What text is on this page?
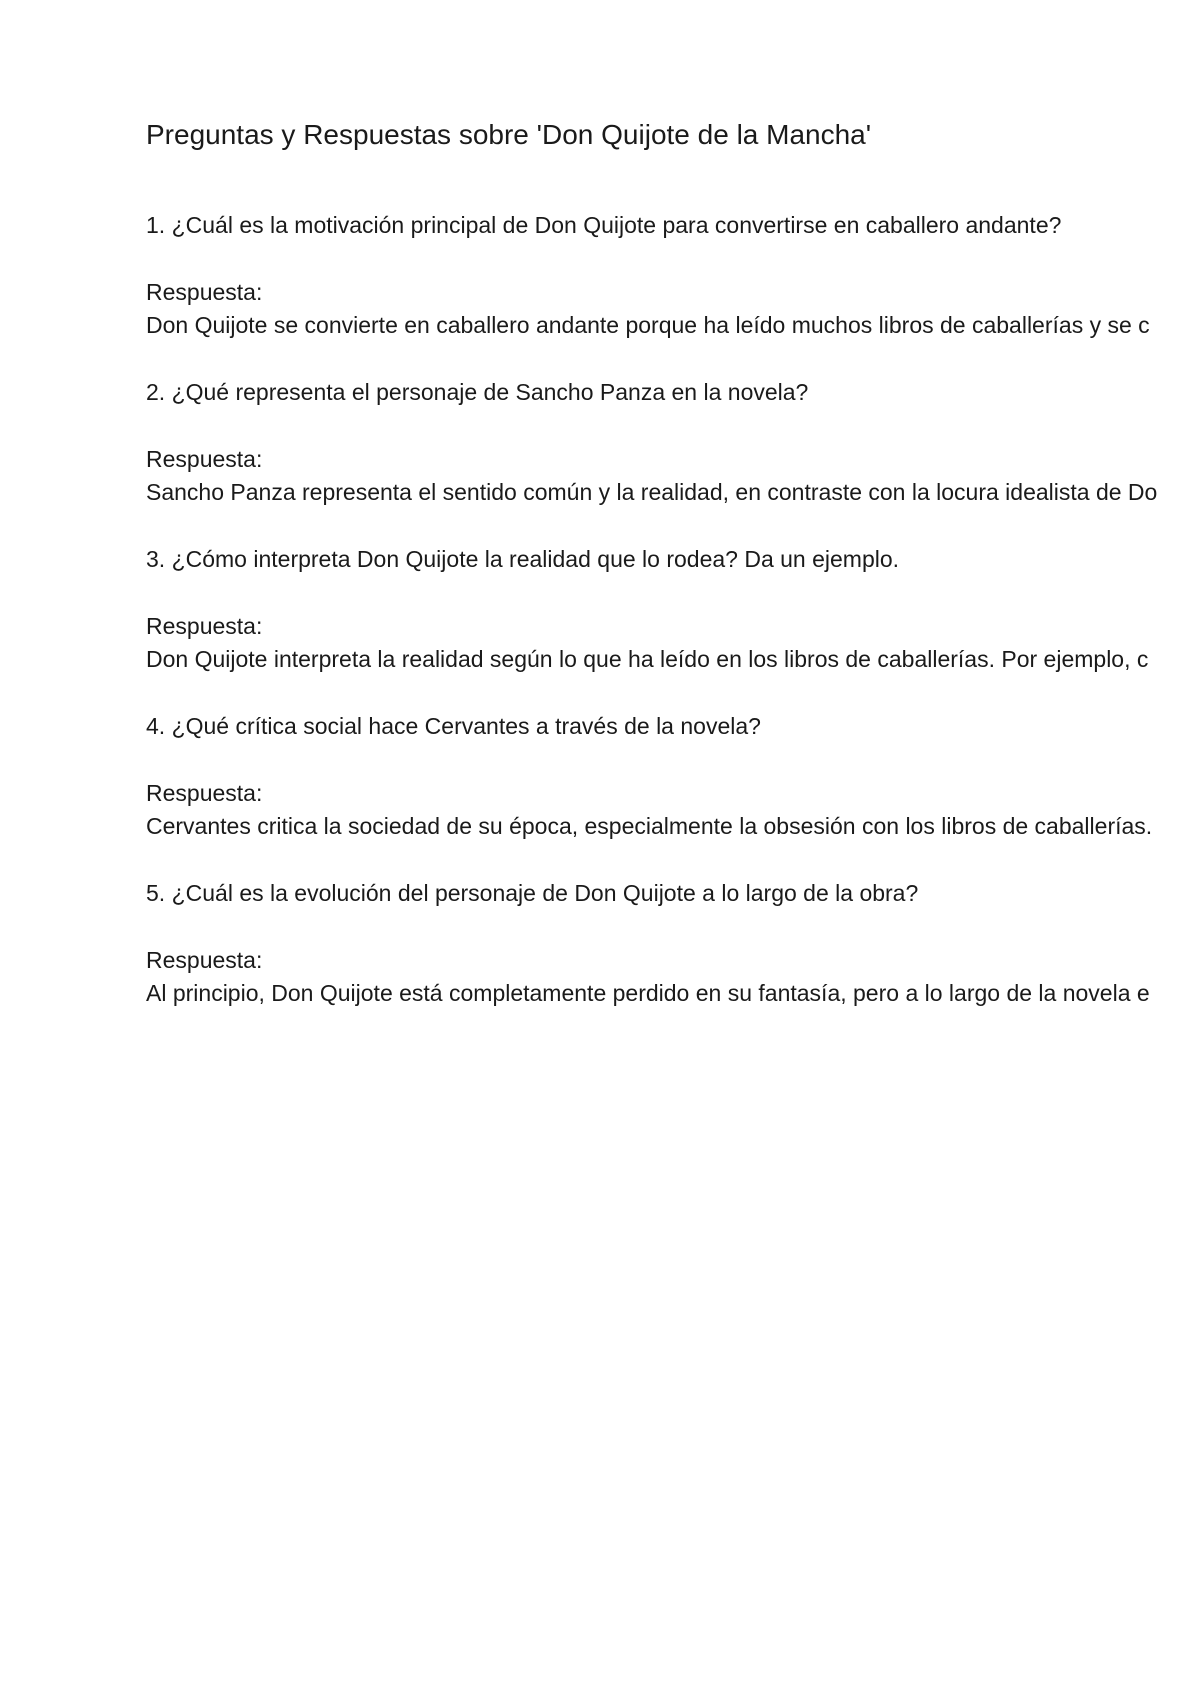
Preguntas y Respuestas sobre 'Don Quijote de la Mancha'
1. ¿Cuál es la motivación principal de Don Quijote para convertirse en caballero andante?
Respuesta:
Don Quijote se convierte en caballero andante porque ha leído muchos libros de caballerías y se c
2. ¿Qué representa el personaje de Sancho Panza en la novela?
Respuesta:
Sancho Panza representa el sentido común y la realidad, en contraste con la locura idealista de Do
3. ¿Cómo interpreta Don Quijote la realidad que lo rodea? Da un ejemplo.
Respuesta:
Don Quijote interpreta la realidad según lo que ha leído en los libros de caballerías. Por ejemplo, c
4. ¿Qué crítica social hace Cervantes a través de la novela?
Respuesta:
Cervantes critica la sociedad de su época, especialmente la obsesión con los libros de caballerías.
5. ¿Cuál es la evolución del personaje de Don Quijote a lo largo de la obra?
Respuesta:
Al principio, Don Quijote está completamente perdido en su fantasía, pero a lo largo de la novela e
